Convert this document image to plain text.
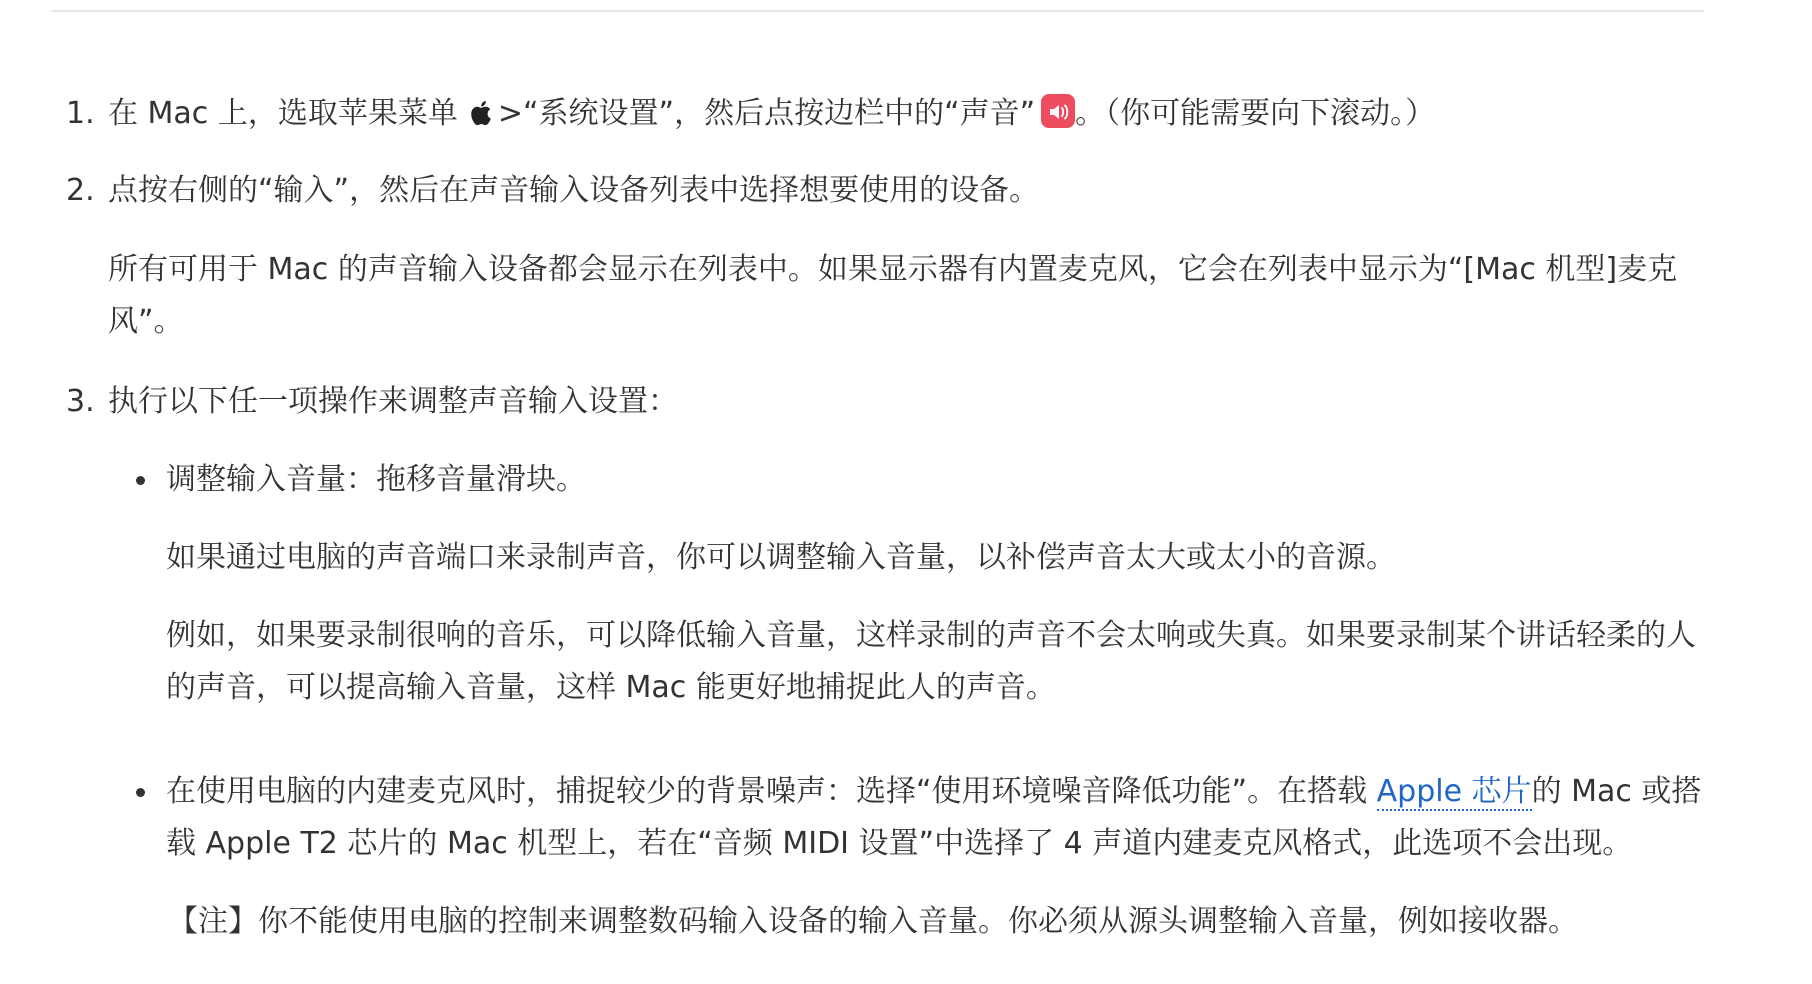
1. 在 Mac 上，选取苹果菜单 >“系统设置”，然后点按边栏中的“声音” 。（你可能需要向下滚动。）
2. 点按右侧的“输入”，然后在声音输入设备列表中选择想要使用的设备。
所有可用于 Mac 的声音输入设备都会显示在列表中。如果显示器有内置麦克风，它会在列表中显示为“[Mac 机型]麦克风”。
3. 执行以下任一项操作来调整声音输入设置：
调整输入音量：拖移音量滑块。
如果通过电脑的声音端口来录制声音，你可以调整输入音量，以补偿声音太大或太小的音源。
例如，如果要录制很响的音乐，可以降低输入音量，这样录制的声音不会太响或失真。如果要录制某个讲话轻柔的人的声音，可以提高输入音量，这样 Mac 能更好地捕捉此人的声音。
在使用电脑的内建麦克风时，捕捉较少的背景噪声：选择“使用环境噪音降低功能”。在搭载 Apple 芯片的 Mac 或搭载 Apple T2 芯片的 Mac 机型上，若在“音频 MIDI 设置”中选择了 4 声道内建麦克风格式，此选项不会出现。
【注】你不能使用电脑的控制来调整数码输入设备的输入音量。你必须从源头调整输入音量，例如接收器。
